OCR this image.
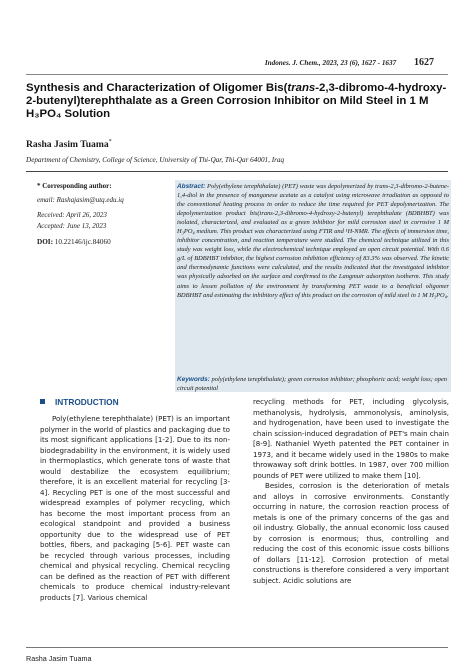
Indones. J. Chem., 2023, 23 (6), 1627 - 1637 1627
Synthesis and Characterization of Oligomer Bis(trans-2,3-dibromo-4-hydroxy-2-butenyl)terephthalate as a Green Corrosion Inhibitor on Mild Steel in 1 M H₃PO₄ Solution
Rasha Jasim Tuama*
Department of Chemistry, College of Science, University of Thi-Qar, Thi-Qar 64001, Iraq
* Corresponding author:
email: Rashajasim@utq.edu.iq
Received: April 26, 2023
Accepted: June 13, 2023
DOI: 10.22146/ijc.84060
Abstract: Poly(ethylene terephthalate) (PET) waste was depolymerized by trans-2,3-dibromo-2-butene-1,4-diol in the presence of manganese acetate as a catalyst using microwave irradiation as opposed to the conventional heating process in order to reduce the time required for PET depolymerization. The depolymerization product bis(trans-2,3-dibromo-4-hydroxy-2-butenyl) terephthalate (BDBHBT) was isolated, characterized, and evaluated as a green inhibitor for mild corrosion steel in corrosive 1 M H₃PO₄ medium. This product was characterized using FTIR and ¹H-NMR. The effects of immersion time, inhibitor concentration, and reaction temperature were studied. The chemical technique utilized in this study was weight loss, while the electrochemical technique employed an open circuit potential. With 0.6 g/L of BDBHBT inhibitor, the highest corrosion inhibition efficiency of 83.3% was observed. The kinetic and thermodynamic functions were calculated, and the results indicated that the investigated inhibitor was physically adsorbed on the surface and confirmed to the Langmuir adsorption isotherm. This study aims to lessen pollution of the environment by transforming PET waste to a beneficial oligomer BDBHBT and estimating the inhibitory effect of this product on the corrosion of mild steel in 1 M H₃PO₄.
Keywords: poly(ethylene terephthalate); green corrosion inhibitor; phosphoric acid; weight loss; open circuit potential
INTRODUCTION

Poly(ethylene terephthalate) (PET) is an important polymer in the world of plastics and packaging due to its most significant applications [1-2]. Due to its non-biodegradability in the environment, it is widely used in thermoplastics, which generate tons of waste that would destabilize the ecosystem equilibrium; therefore, it is an excellent material for recycling [3-4]. Recycling PET is one of the most successful and widespread examples of polymer recycling, which has become the most important process from an ecological standpoint and provided a business opportunity due to the widespread use of PET bottles, fibers, and packaging [5-6]. PET waste can be recycled through various processes, including chemical and physical recycling. Chemical recycling can be defined as the reaction of PET with different chemicals to produce chemical industry-relevant products [7]. Various chemical

recycling methods for PET, including glycolysis, methanolysis, hydrolysis, ammonolysis, aminolysis, and hydrogenation, have been used to investigate the chain scission-induced degradation of PET's main chain [8-9]. Nathaniel Wyeth patented the PET container in 1973, and it became widely used in the 1980s to make throwaway soft drink bottles. In 1987, over 700 million pounds of PET were utilized to make them [10].

Besides, corrosion is the deterioration of metals and alloys in corrosive environments. Constantly occurring in nature, the corrosion reaction process of metals is one of the primary concerns of the gas and oil industry. Globally, the annual economic loss caused by corrosion is enormous; thus, controlling and reducing the cost of this economic issue costs billions of dollars [11-12]. Corrosion protection of metal constructions is therefore considered a very important subject. Acidic solutions are

Rasha Jasim Tuama
